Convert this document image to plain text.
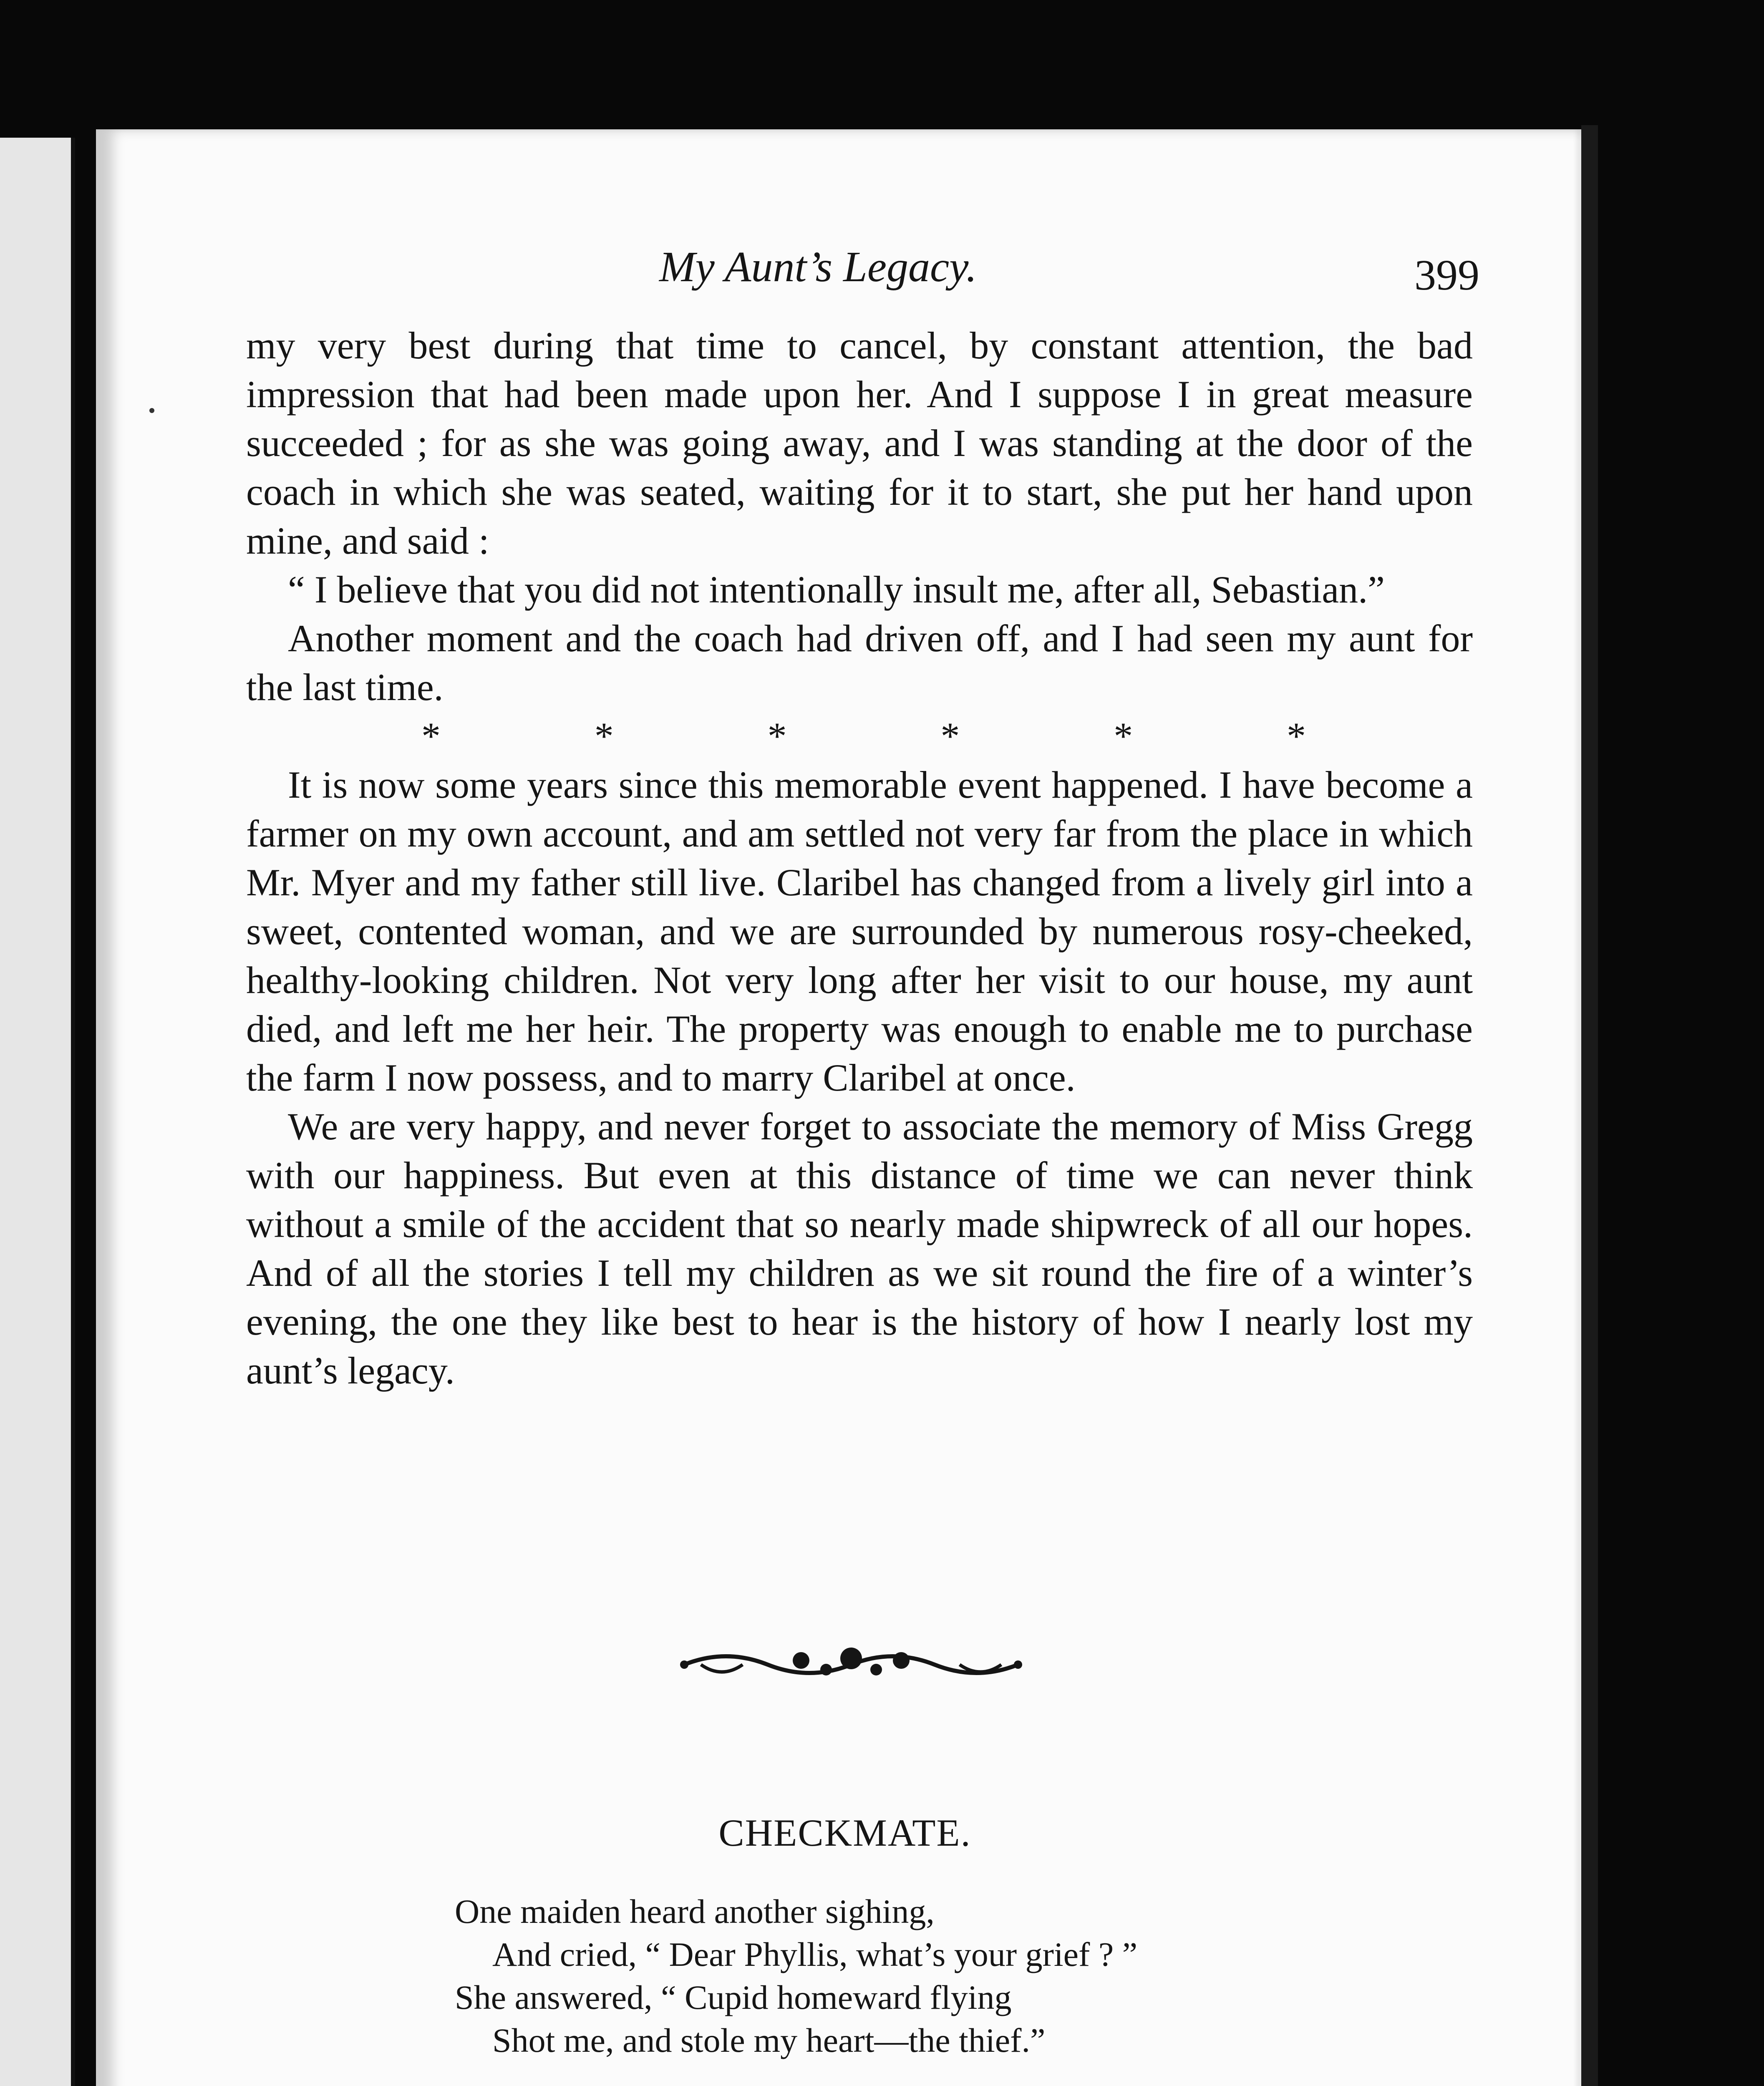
My Aunt’s Legacy.	399

my very best during that time to cancel, by constant attention, the bad impression that had been made upon her. And I suppose I in great measure succeeded ; for as she was going away, and I was standing at the door of the coach in which she was seated, waiting for it to start, she put her hand upon mine, and said :

“ I believe that you did not intentionally insult me, after all, Sebastian.”

Another moment and the coach had driven off, and I had seen my aunt for the last time.

*	*	*	*	*	*

It is now some years since this memorable event happened. I have become a farmer on my own account, and am settled not very far from the place in which Mr. Myer and my father still live. Claribel has changed from a lively girl into a sweet, contented woman, and we are surrounded by numerous rosy-cheeked, healthy-looking children. Not very long after her visit to our house, my aunt died, and left me her heir. The property was enough to enable me to purchase the farm I now possess, and to marry Claribel at once.

We are very happy, and never forget to associate the memory of Miss Gregg with our happiness. But even at this distance of time we can never think without a smile of the accident that so nearly made shipwreck of all our hopes. And of all the stories I tell my children as we sit round the fire of a winter’s evening, the one they like best to hear is the history of how I nearly lost my aunt’s legacy.

CHECKMATE.
One maiden heard another sighing,
And cried, “ Dear Phyllis, what’s your grief ? ”
She answered, “ Cupid homeward flying
Shot me, and stole my heart—the thief.”
